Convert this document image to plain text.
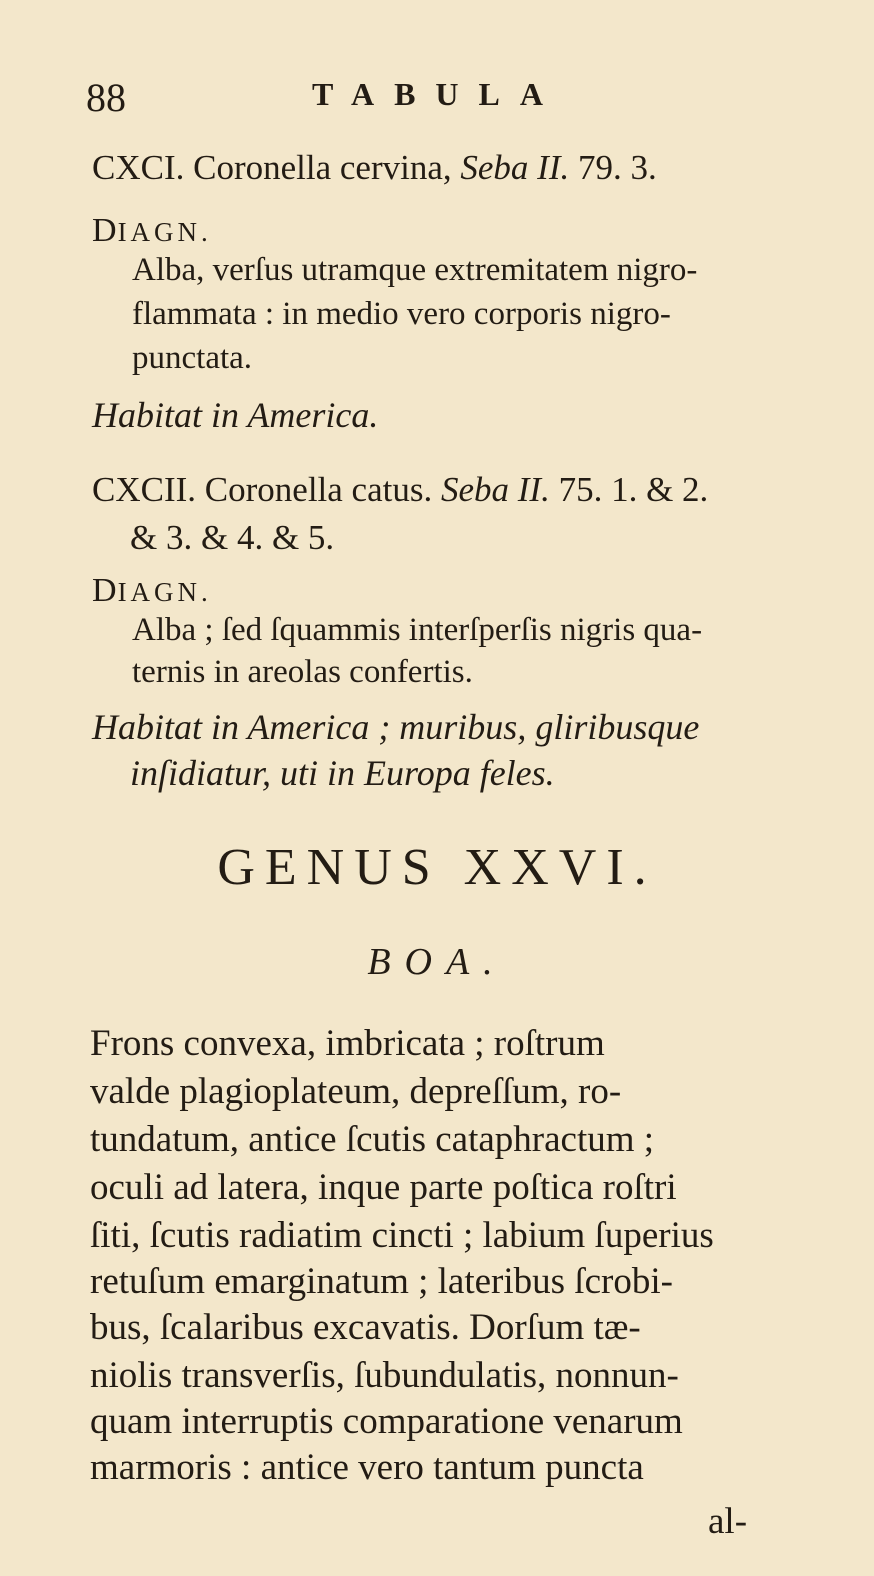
88	TABULA
CXCI. Coronella cervina, Seba II. 79. 3.
DIAGN.
Alba, verſus utramque extremitatem nigro-
flammata : in medio vero corporis nigro-
punctata.
Habitat in America.
CXCII. Coronella catus. Seba II. 75. 1. & 2.
& 3. & 4. & 5.
DIAGN.
Alba ; ſed ſquammis interſperſis nigris qua-
ternis in areolas confertis.
Habitat in America ; muribus, gliribusque
inſidiatur, uti in Europa feles.
GENUS XXVI.
BOA.
Frons convexa, imbricata ; roſtrum
valde plagioplateum, depreſſum, ro-
tundatum, antice ſcutis cataphractum ;
oculi ad latera, inque parte poſtica roſtri
ſiti, ſcutis radiatim cincti ; labium ſuperius
retuſum emarginatum ; lateribus ſcrobi-
bus, ſcalaribus excavatis. Dorſum tæ-
niolis transverſis, ſubundulatis, nonnun-
quam interruptis comparatione venarum
marmoris : antice vero tantum puncta
al-
